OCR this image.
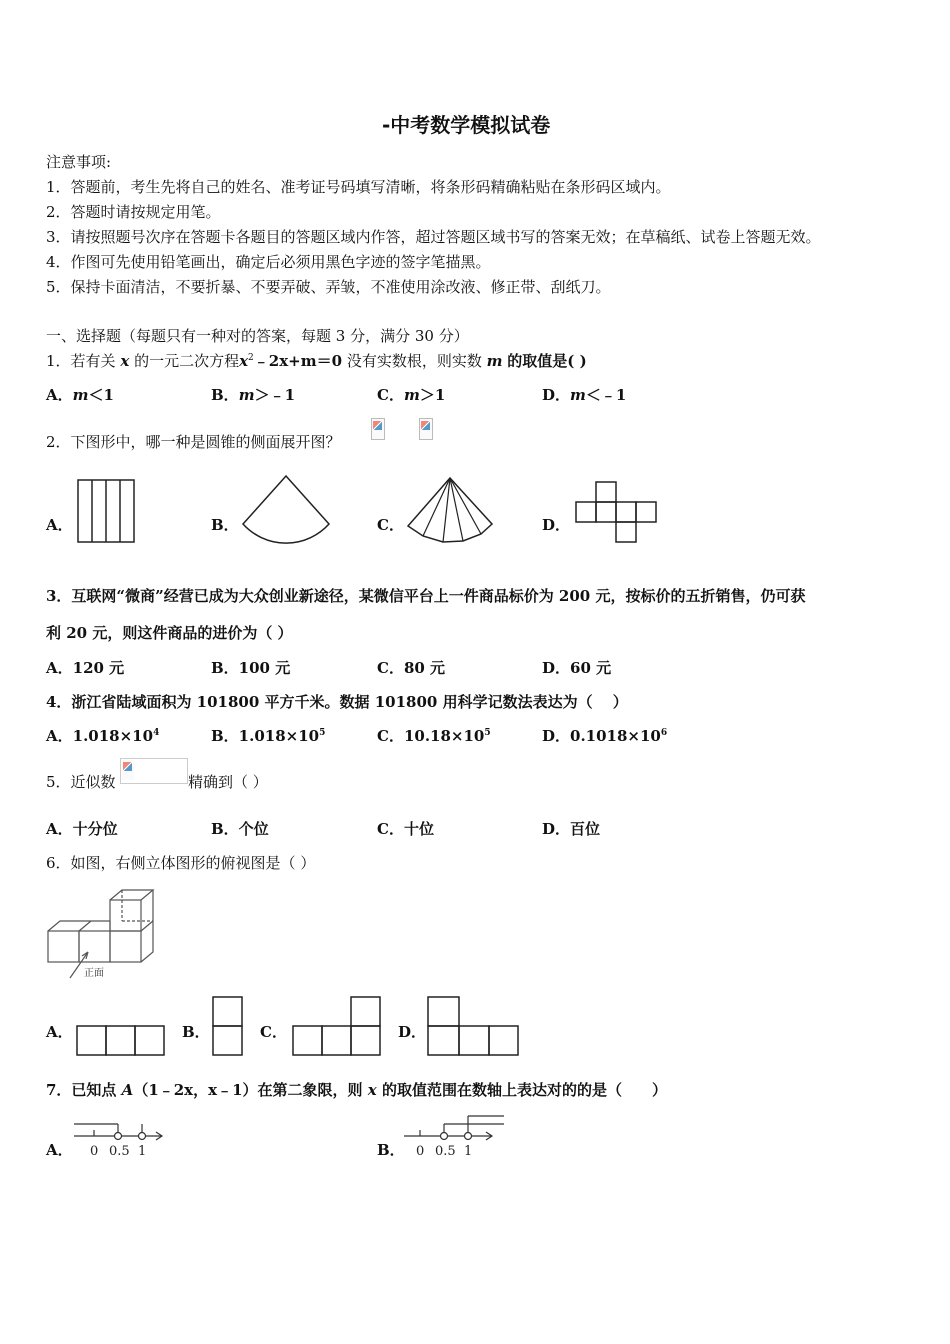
-中考数学模拟试卷
注意事项:
1．答题前，考生先将自己的姓名、准考证号码填写清晰，将条形码精确粘贴在条形码区域内。
2．答题时请按规定用笔。
3．请按照题号次序在答题卡各题目的答题区域内作答，超过答题区域书写的答案无效；在草稿纸、试卷上答题无效。
4．作图可先使用铅笔画出，确定后必须用黑色字迹的签字笔描黑。
5．保持卡面清洁，不要折暴、不要弄破、弄皱，不准使用涂改液、修正带、刮纸刀。
一、选择题（每题只有一种对的答案，每题 3 分，满分 30 分）
1．若有关 x 的一元二次方程$x^2﹣2x+m=0$ 没有实数根，则实数 m 的取值是( )
A．m＜1	B．m＞﹣1	C．m＞1	D．m＜﹣1
2．下图形中，哪一种是圆锥的侧面展开图？
A．	B．	C．	D．
3．互联网“微商”经营已成为大众创业新途径，某微信平台上一件商品标价为 200 元，按标价的五折销售，仍可获
利 20 元，则这件商品的进价为（ ）
A．120 元	B．100 元	C．80 元	D．60 元
4．浙江省陆域面积为 101800 平方千米。数据 101800 用科学记数法表达为（　 ）
A．$1.018\times 10^4$	B．$1.018\times 10^5$	C．$10.18\times 10^5$	D．$0.1018\times 10^6$
5．近似数	精确到（ ）
A．十分位	B．个位	C．十位	D．百位
6．如图，右侧立体图形的俯视图是（ ）
正面
A．	B．	C．	D．
7．已知点 A（1﹣2x，x﹣1）在第二象限，则 x 的取值范围在数轴上表达对的的是（　　）
A． 0 0.5 1	B． 0 0.5 1
